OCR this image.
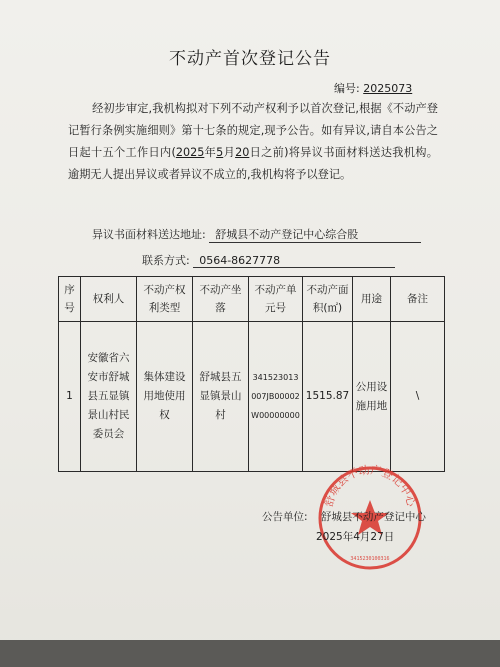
不动产首次登记公告
编号: 2025073
经初步审定,我机构拟对下列不动产权利予以首次登记,根据《不动产登记暂行条例实施细则》第十七条的规定,现予公告。如有异议,请自本公告之日起十五个工作日内(2025年5月20日之前)将异议书面材料送达我机构。逾期无人提出异议或者异议不成立的,我机构将予以登记。
异议书面材料送达地址: 舒城县不动产登记中心综合股
联系方式: 0564-8627778
序号	权利人	不动产权利类型	不动产坐落	不动产单元号	不动产面积(㎡)	用途	备注
1	安徽省六安市舒城县五显镇景山村民委员会	集体建设用地使用权	舒城县五显镇景山村	341523013007JB00002W00000000	1515.87	公用设施用地	\
舒城县不动产登记中心
3415230100316
公告单位: 舒城县不动产登记中心
2025年4月27日
